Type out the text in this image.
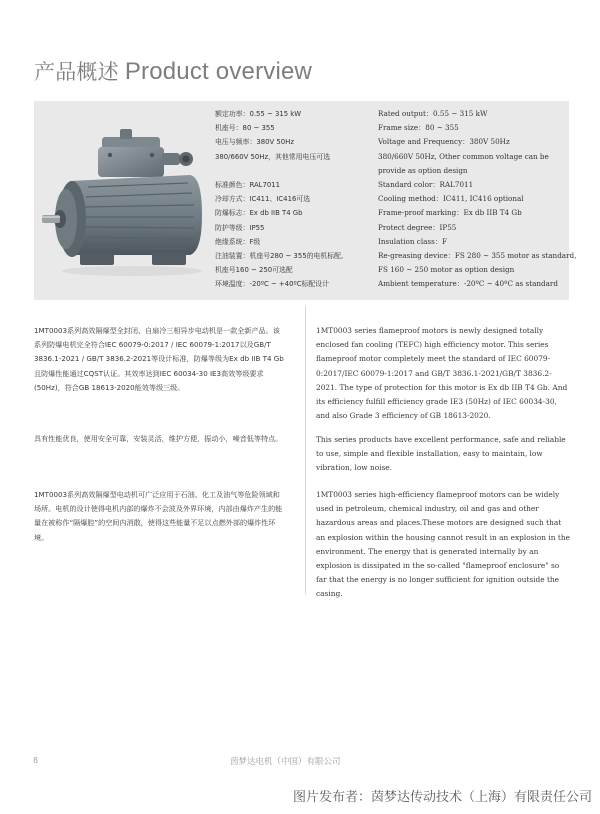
产品概述 Product overview
额定功率：0.55 ~ 315 kW
机座号：80 ~ 355
电压与频率：380V 50Hz
380/660V 50Hz，其他常用电压可选

标准颜色：RAL7011
冷却方式：IC411、IC416可选
防爆标志：Ex db IIB T4 Gb
防护等级：IP55
绝缘系统：F级
注油装置：机座号280 ~ 355的电机标配,
机座号160 ~ 250可选配
环境温度：-20ºC ~ +40ºC标配设计
Rated output：0.55 ~ 315 kW
Frame size：80 ~ 355
Voltage and Frequency：380V 50Hz
380/660V 50Hz, Other common voltage can be
provide as option design
Standard color：RAL7011
Cooling method：IC411, IC416 optional
Frame-proof marking：Ex db IIB T4 Gb
Protect degree：IP55
Insulation class：F
Re-greasing device：FS 280 ~ 355 motor as standard,
FS 160 ~ 250 motor as option design
Ambient temperature：-20ºC ~ 40ºC as standard
1MT0003系列高效隔爆型全封闭、自扇冷三相异步电动机是一款全新产品。该系列防爆电机完全符合IEC 60079-0:2017 / IEC 60079-1:2017以及GB/T 3836.1-2021 / GB/T 3836.2-2021等设计标准，防爆等级为Ex db IIB T4 Gb且防爆性能通过CQST认证。其效率达到IEC 60034-30 IE3高效等级要求(50Hz)，符合GB 18613-2020能效等级三级。
具有性能优良，使用安全可靠，安装灵活，维护方便，振动小，噪音低等特点。
1MT0003系列高效隔爆型电动机可广泛应用于石油、化工及油气等危险领域和场所。电机的设计使得电机内部的爆炸不会波及外界环境，内部由爆炸产生的能量在被称作“隔爆腔”的空间内消散，使得这些能量不足以点燃外部的爆炸性环境。
1MT0003 series flameproof motors is newly designed totally enclosed fan cooling (TEFC) high efficiency motor. This series flameproof motor completely meet the standard of IEC 60079-0:2017/IEC 60079-1:2017 and GB/T 3836.1-2021/GB/T 3836.2-2021. The type of protection for this motor is Ex db IIB T4 Gb. And its efficiency fulfill efficiency grade IE3 (50Hz) of IEC 60034-30, and also Grade 3 efficiency of GB 18613-2020.
This series products have excellent performance, safe and reliable to use, simple and flexible installation, easy to maintain, low vibration, low noise.
1MT0003 series high-efficiency flameproof motors can be widely used in petroleum, chemical industry, oil and gas and other hazardous areas and places.These motors are designed such that an explosion within the housing cannot result in an explosion in the environment. The energy that is generated internally by an explosion is dissipated in the so-called "flameproof enclosure" so far that the energy is no longer sufficient for ignition outside the casing.
8	茵梦达电机（中国）有限公司
图片发布者：茵梦达传动技术（上海）有限责任公司
